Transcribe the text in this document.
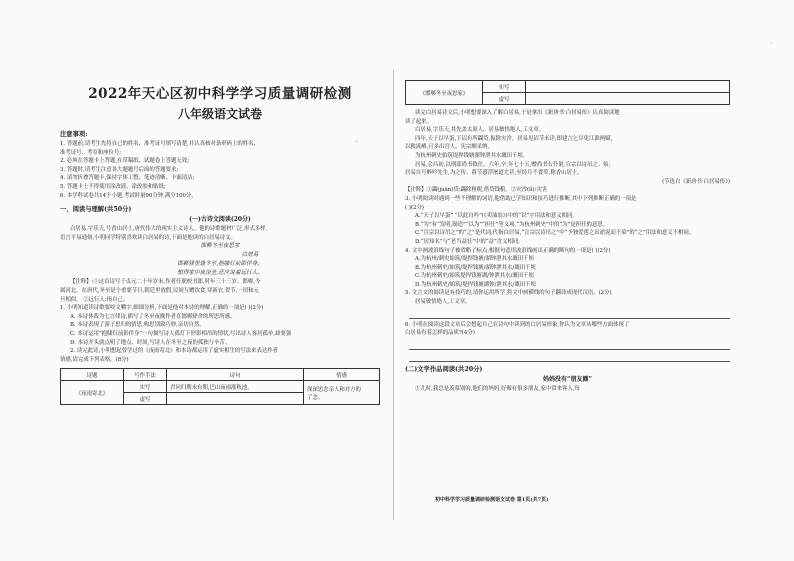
2022年天心区初中科学学习质量调研检测
八年级语文试卷
注意事项:
1. 答题前,请考生先将自己的姓名、准考证号填写清楚,并认真核对条形码上的姓名、
准考证号、考室和座位号;
2. 必须在答题卡上答题,在草稿纸、试题卷上答题无效;
3. 答题时,请考生注意各大题题号后面的答题要求;
4. 请勿折叠答题卡,保持字体工整、笔迹清晰、卡面清洁;
5. 答题卡上不得使用涂改液、涂改胶和贴纸;
6. 本学科试卷共14个小题,考试时量90分钟,满分100分。
一、阅读与理解(共50分)
(一)古诗文阅读(20分)
白居易,字乐天,号香山居士,唐代伟大的现实主义诗人。他的诗歌题材广泛,形式多样,
语言平易通俗,小明同学特别喜欢读白居易的诗,下面是他读的白居易诗文。
邯郸冬至夜思家
白居易
邯郸驿里逢冬至,抱膝灯前影伴身。
想得家中夜深坐,还应说着远行人。
【注释】:①这首诗写于贞元二十年岁末,作者任职校书郎,时年三十三岁。邯郸,今
属河北。在唐代,冬至是个重要节日,朝廷里放假,民间互赠饮食,穿新衣,贺节,一切和元
旦相似。 ②远行人:指自己。
1. 小明知道读诗歌要咬文嚼字,细细分析,下面是他对本诗的理解,正确的一项是( )(2分)
A. 本诗体裁为七言律诗,描写了冬至夜晚作者在邯郸驿舍的所思所感。
B. 本诗表现了游子思归的情思,构思别致巧妙,亲切自然。
C. 本诗运用“抱膝灯前影伴身”一句描写诗人孤灯下形影相吊的情状,写出诗人客居孤单,却要强
D. 本诗开头就点明了地点、时间,写诗人在冬至之夜的孤独与辛苦。
2. 读完此诗,小明想起曾学过的《夜雨寄北》和本诗都运用了虚实相生的写法来表达作者
情感,请完成下列表格。(8分)
诗题	写作手法	诗句	情感
《夜雨寄北》	实写	君问归期未有期,巴山夜雨涨秋池。	深深思念亲人和对方的
了念。
	虚写		
《邯郸冬至夜思家》	实写	
	虚写	
读完白居易诗文后,小明想要深入了解白居易,于是拿出《新唐书·白居易传》认真阅读地
读了起来。
白居易,字乐天,其先盖太原人。居易敏悟绝人,工文章。
四年,天子以早蛋,下诏有所蠲贷,振除灾沴。居易见诏节未详,即建言乞尽免江淮两赋,
以救流瘠,且多出宫人。宪宗颇采纳。
为杭州刺史始筑堤捍钱塘湖钟泄其水溉田千顷。
居易,会昌初,以刑部尚书致仕。六年,卒,年七十五,赠尚书右仆射,宣宗以诗吊之。始,
居易自号醉吟先生,为之传。暮节惑浮屠道尤甚,至经月不食荤,称香山居士。
(节选自《新唐书·白居易传》)
【注释】①蠲(juān)贷:蠲除租税,借贷钱粮。②灾沴(lì):灾害
3. 小明阅读时遇到一些不理解的词语,他借助已学知识和技巧进行推断,其中下列推断正确的一项是
( )(2分)
A.“天子以早蛋” “以此自吟”(《卖油翁》)中的“以”字用法和意义相同。
B.“为”有“发明,制造”“以为”“担任”等义项,“为杭州刺史”中的“为”是担任的意思。
C.“宣宗以诗吊之”的“之”是代词,代指白居易,“宣宗以诗吊之”中“予独爱莲之出淤泥而不染”的“之”用法和意义不相同。
D.“居知名”与“老当益壮”中的“益”含义相同。
4. 文中画波浪线句子被省略了标点,根据句意用波浪线画出正确的断句的一项是( )(2分)
A.为杭州/刺史始筑/堤捍钱塘/湖钟泄其水溉田千顷
B.为杭州刺史/始筑/堤捍钱塘/湖钟泄其水/溉田千顷
C.为杭州刺史/始筑堤捍钱塘湖/钟泄其水/溉田千顷
D.为杭州刺史/始筑/堤捍钱塘湖钟/泄其水/溉田千顷
5. 文言文的阅读是有技巧的,请你运用所学,将文中画横线的句子翻译成现代汉语。(2分)
居易敏悟绝人,工文章。
6. 小明在阅读这段文章后会想起自己在诗句中读到的白居易形象,你认为文章从哪些方面体现了
白居易有着怎样的品质?(4分)
(二)文学作品阅读(共20分)
妈妈没有“朋友圈”
①儿时,我总是羡慕别的,他们的妈妈,好像有很多朋友,家中常来客人,每
初中科学学习质量调研检测语文试卷 第1页(共7页)
